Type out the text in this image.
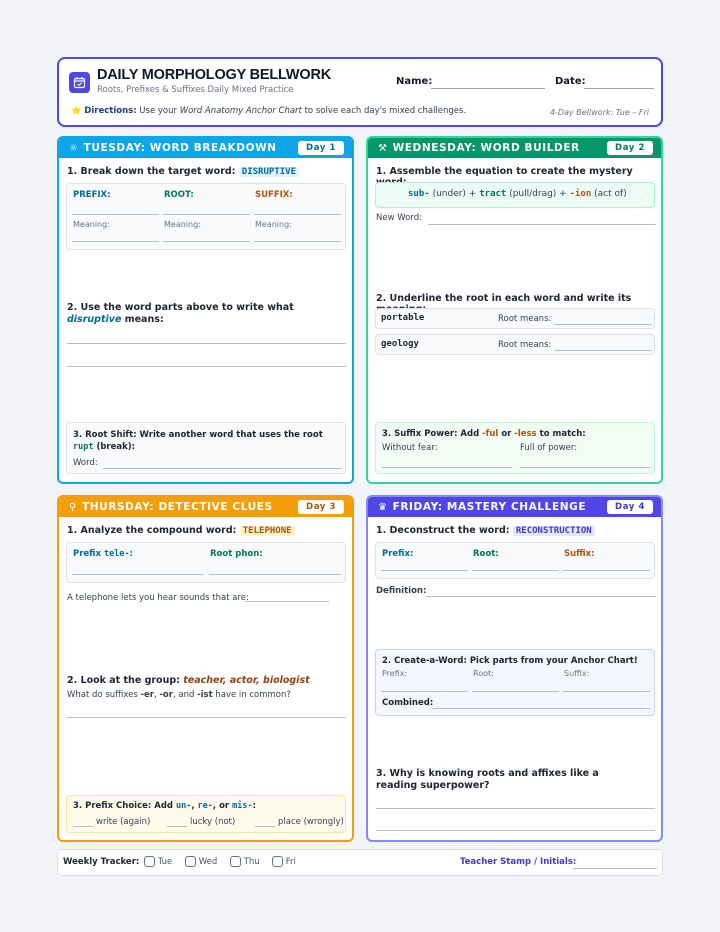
DAILY MORPHOLOGY BELLWORK
Roots, Prefixes & Suffixes Daily Mixed Practice
Name:	Date:
⭐ Directions: Use your Word Anatomy Anchor Chart to solve each day's mixed challenges.	4-Day Bellwork: Tue – Fri
☼ TUESDAY: WORD BREAKDOWN	Day 1
1. Break down the target word: DISRUPTIVE
PREFIX:	ROOT:	SUFFIX:
Meaning:	Meaning:	Meaning:
2. Use the word parts above to write what disruptive means:
3. Root Shift: Write another word that uses the root rupt (break):
Word:
⚒ WEDNESDAY: WORD BUILDER	Day 2
1. Assemble the equation to create the mystery
sub- (under) + tract (pull/drag) + -ion (act of)
New Word:
2. Underline the root in each word and write its
portable	Root means:
geology	Root means:
3. Suffix Power: Add -ful or -less to match:
Without fear:	Full of power:
⚲ THURSDAY: DETECTIVE CLUES	Day 3
1. Analyze the compound word: TELEPHONE
Prefix tele-:	Root phon:
A telephone lets you hear sounds that are:
2. Look at the group: teacher, actor, biologist
What do suffixes -er, -or, and -ist have in common?
3. Prefix Choice: Add un-, re-, or mis-:
write (again)	lucky (not)	place (wrongly)
♛ FRIDAY: MASTERY CHALLENGE	Day 4
1. Deconstruct the word: RECONSTRUCTION
Prefix:	Root:	Suffix:
Definition:
2. Create-a-Word: Pick parts from your Anchor Chart!
Prefix:	Root:	Suffix:
Combined:
3. Why is knowing roots and affixes like a reading superpower?
Weekly Tracker:	Tue	Wed	Thu	Fri	Teacher Stamp / Initials:
